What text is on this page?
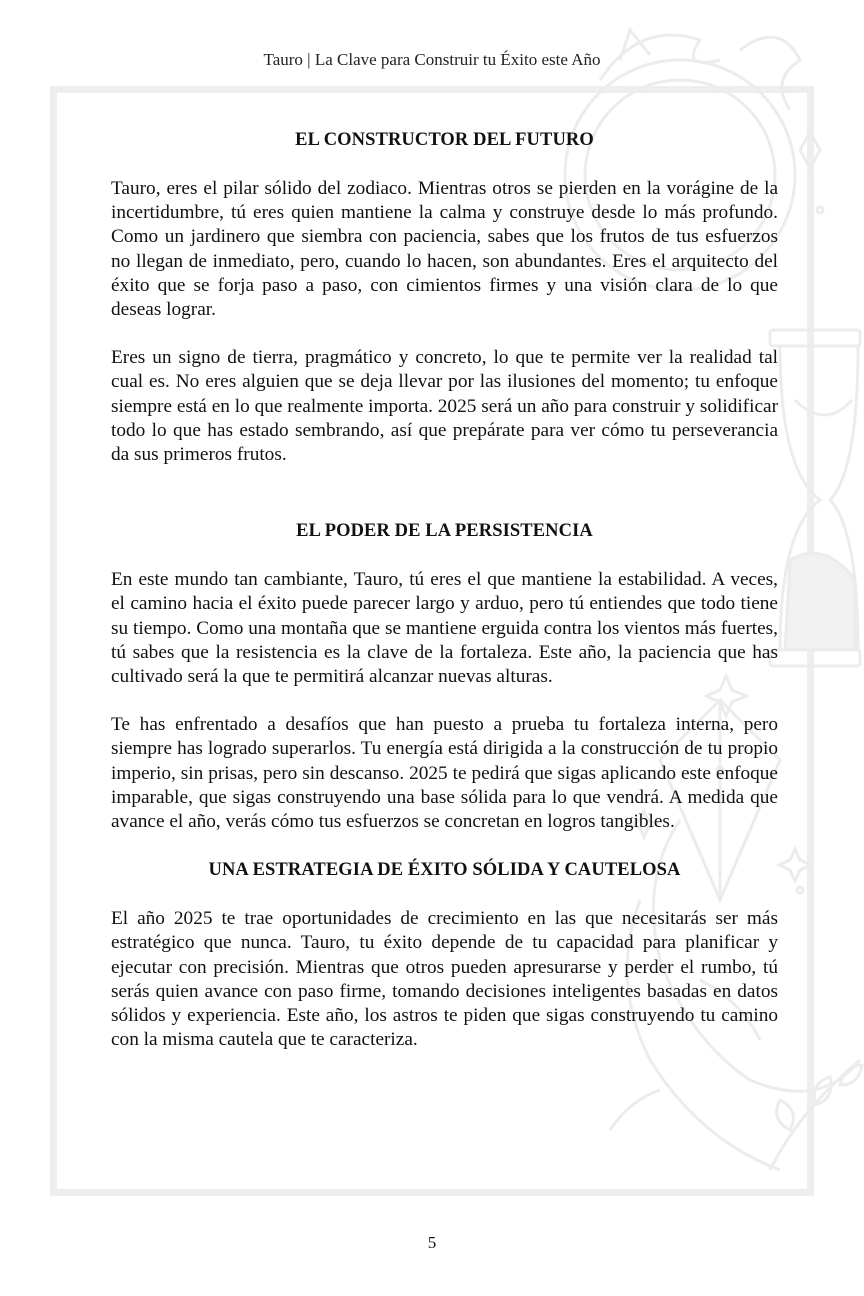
Tauro | La Clave para Construir tu Éxito este Año
EL CONSTRUCTOR DEL FUTURO

Tauro, eres el pilar sólido del zodiaco. Mientras otros se pierden en la vorágine de la incertidumbre, tú eres quien mantiene la calma y construye desde lo más profundo. Como un jardinero que siembra con paciencia, sabes que los frutos de tus esfuerzos no llegan de inmediato, pero, cuando lo hacen, son abundantes. Eres el arquitecto del éxito que se forja paso a paso, con cimientos firmes y una visión clara de lo que deseas lograr.

Eres un signo de tierra, pragmático y concreto, lo que te permite ver la realidad tal cual es. No eres alguien que se deja llevar por las ilusiones del momento; tu enfoque siempre está en lo que realmente importa. 2025 será un año para construir y solidificar todo lo que has estado sembrando, así que prepárate para ver cómo tu perseverancia da sus primeros frutos.

EL PODER DE LA PERSISTENCIA

En este mundo tan cambiante, Tauro, tú eres el que mantiene la estabilidad. A veces, el camino hacia el éxito puede parecer largo y arduo, pero tú entiendes que todo tiene su tiempo. Como una montaña que se mantiene erguida contra los vientos más fuertes, tú sabes que la resistencia es la clave de la fortaleza. Este año, la paciencia que has cultivado será la que te permitirá alcanzar nuevas alturas.

Te has enfrentado a desafíos que han puesto a prueba tu fortaleza interna, pero siempre has logrado superarlos. Tu energía está dirigida a la construcción de tu propio imperio, sin prisas, pero sin descanso. 2025 te pedirá que sigas aplicando este enfoque imparable, que sigas construyendo una base sólida para lo que vendrá. A medida que avance el año, verás cómo tus esfuerzos se concretan en logros tangibles.

UNA ESTRATEGIA DE ÉXITO SÓLIDA Y CAUTELOSA

El año 2025 te trae oportunidades de crecimiento en las que necesitarás ser más estratégico que nunca. Tauro, tu éxito depende de tu capacidad para planificar y ejecutar con precisión. Mientras que otros pueden apresurarse y perder el rumbo, tú serás quien avance con paso firme, tomando decisiones inteligentes basadas en datos sólidos y experiencia. Este año, los astros te piden que sigas construyendo tu camino con la misma cautela que te caracteriza.

5
